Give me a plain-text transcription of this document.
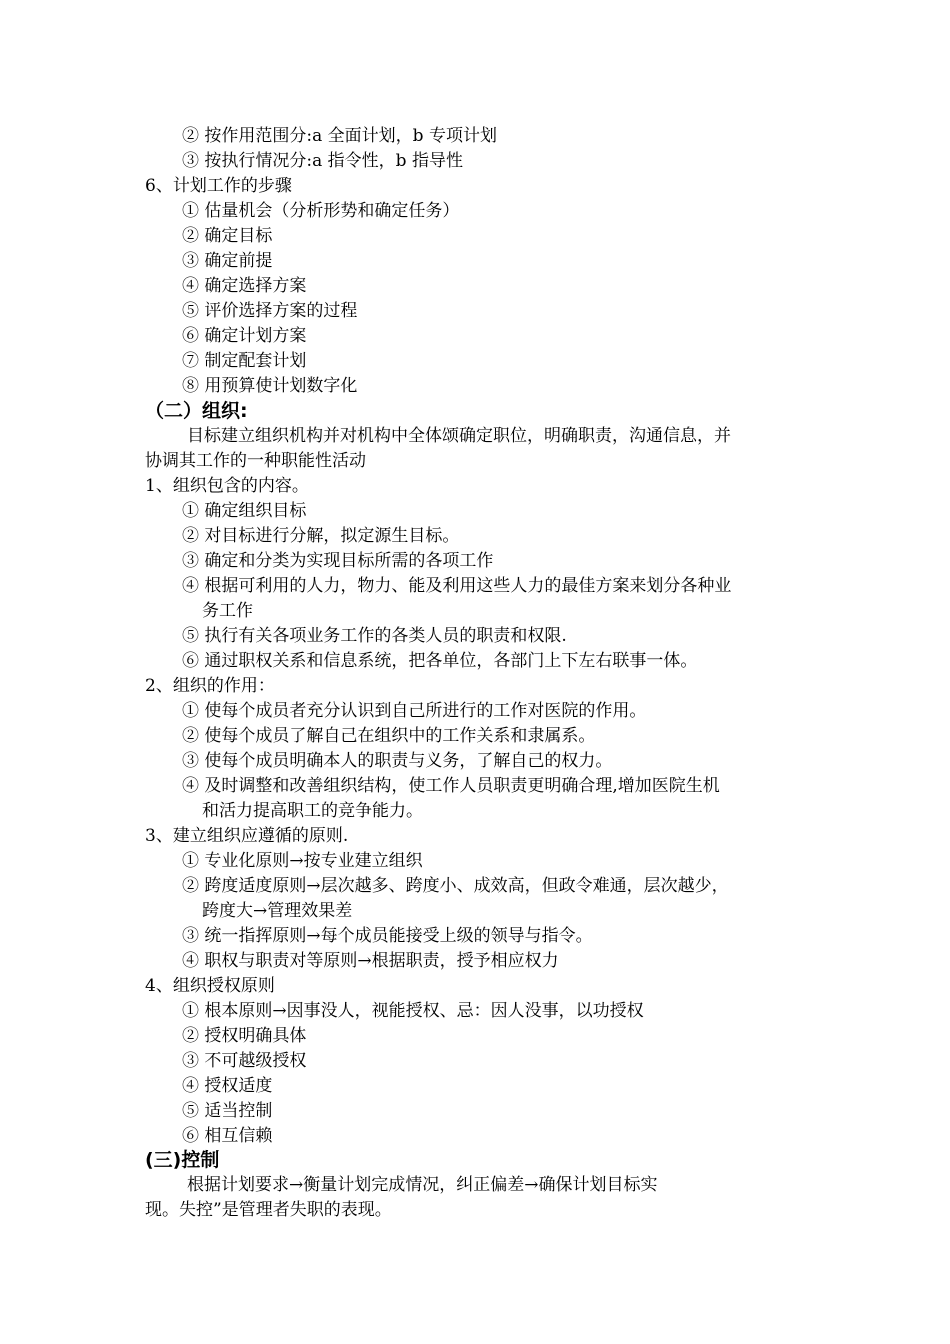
② 按作用范围分:a 全面计划，b 专项计划
③ 按执行情况分:a 指令性，b 指导性
6、计划工作的步骤
① 估量机会（分析形势和确定任务）
② 确定目标
③ 确定前提
④ 确定选择方案
⑤ 评价选择方案的过程
⑥ 确定计划方案
⑦ 制定配套计划
⑧ 用预算使计划数字化
（二）组织:
目标建立组织机构并对机构中全体颂确定职位，明确职责，沟通信息，并
协调其工作的一种职能性活动
1、组织包含的内容。
① 确定组织目标
② 对目标进行分解，拟定源生目标。
③ 确定和分类为实现目标所需的各项工作
④ 根据可利用的人力，物力、能及利用这些人力的最佳方案来划分各种业
务工作
⑤ 执行有关各项业务工作的各类人员的职责和权限.
⑥ 通过职权关系和信息系统，把各单位，各部门上下左右联事一体。
2、组织的作用：
① 使每个成员者充分认识到自己所进行的工作对医院的作用。
② 使每个成员了解自己在组织中的工作关系和隶属系。
③ 使每个成员明确本人的职责与义务，了解自己的权力。
④ 及时调整和改善组织结构，使工作人员职责更明确合理,增加医院生机
和活力提高职工的竞争能力。
3、建立组织应遵循的原则.
① 专业化原则→按专业建立组织
② 跨度适度原则→层次越多、跨度小、成效高，但政令难通，层次越少，
跨度大→管理效果差
③ 统一指挥原则→每个成员能接受上级的领导与指令。
④ 职权与职责对等原则→根据职责，授予相应权力
4、组织授权原则
① 根本原则→因事没人，视能授权、忌：因人没事，以功授权
② 授权明确具体
③ 不可越级授权
④ 授权适度
⑤ 适当控制
⑥ 相互信赖
(三)控制
根据计划要求→衡量计划完成情况，纠正偏差→确保计划目标实
现。失控”是管理者失职的表现。
